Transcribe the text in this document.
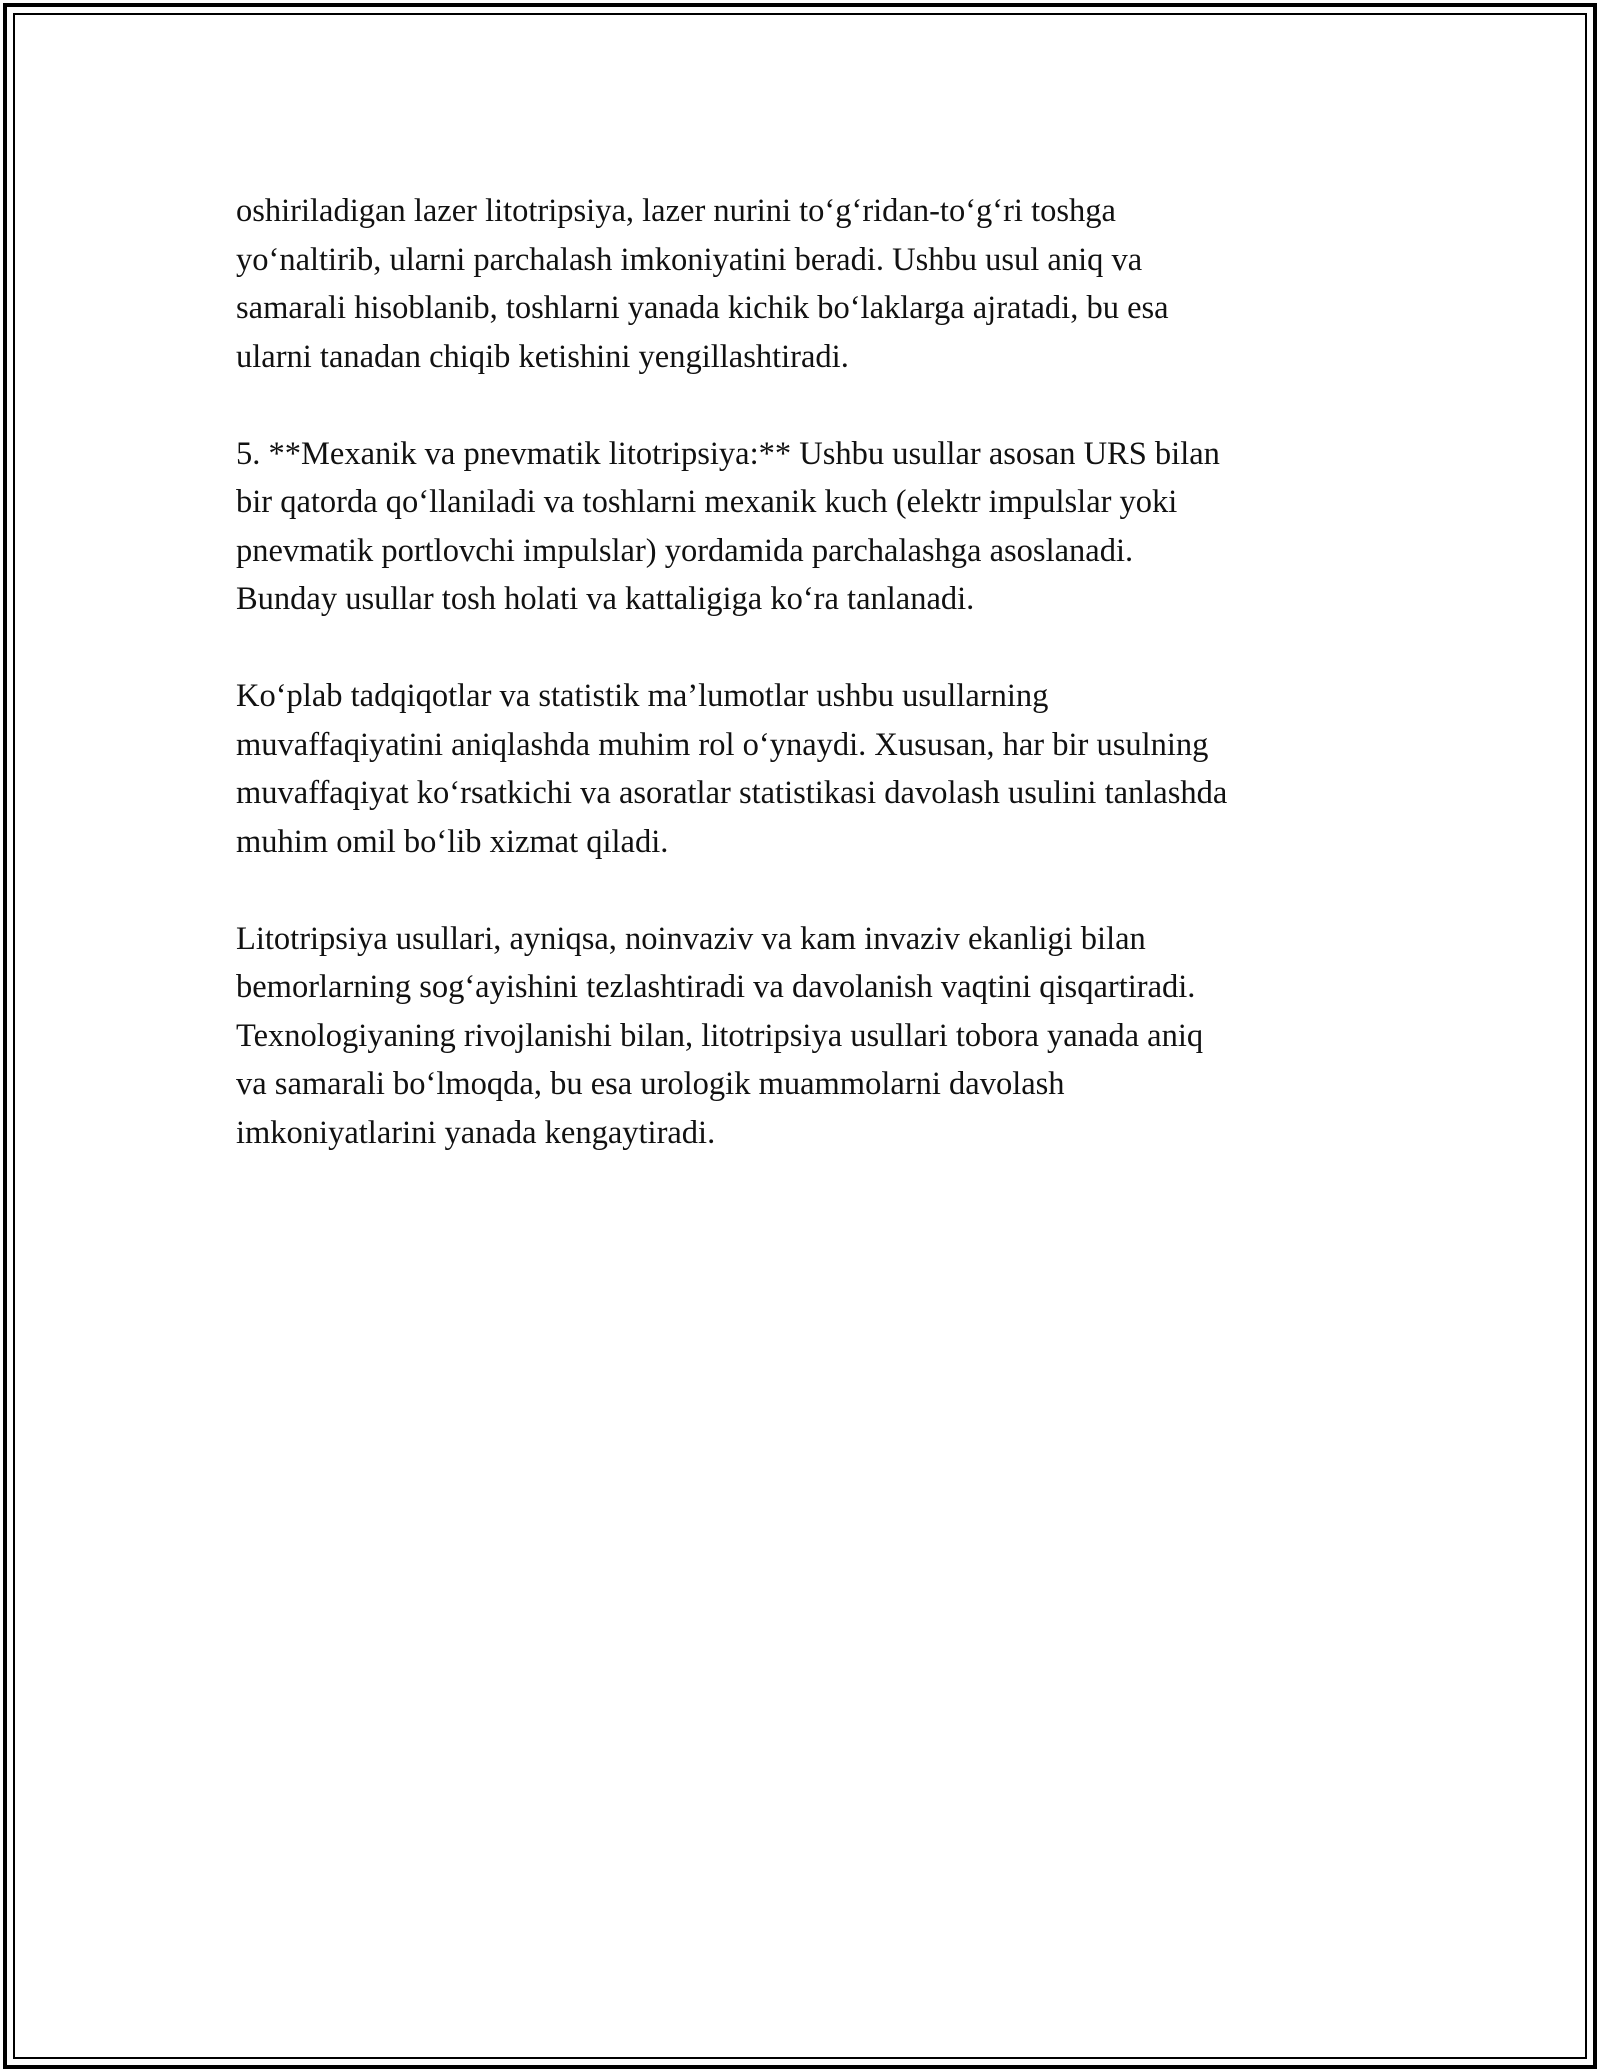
oshiriladigan lazer litotripsiya, lazer nurini to‘g‘ridan-to‘g‘ri toshga
yo‘naltirib, ularni parchalash imkoniyatini beradi. Ushbu usul aniq va
samarali hisoblanib, toshlarni yanada kichik bo‘laklarga ajratadi, bu esa
ularni tanadan chiqib ketishini yengillashtiradi.

5. **Mexanik va pnevmatik litotripsiya:** Ushbu usullar asosan URS bilan
bir qatorda qo‘llaniladi va toshlarni mexanik kuch (elektr impulslar yoki
pnevmatik portlovchi impulslar) yordamida parchalashga asoslanadi.
Bunday usullar tosh holati va kattaligiga ko‘ra tanlanadi.

Ko‘plab tadqiqotlar va statistik ma’lumotlar ushbu usullarning
muvaffaqiyatini aniqlashda muhim rol o‘ynaydi. Xususan, har bir usulning
muvaffaqiyat ko‘rsatkichi va asoratlar statistikasi davolash usulini tanlashda
muhim omil bo‘lib xizmat qiladi.

Litotripsiya usullari, ayniqsa, noinvaziv va kam invaziv ekanligi bilan
bemorlarning sog‘ayishini tezlashtiradi va davolanish vaqtini qisqartiradi.
Texnologiyaning rivojlanishi bilan, litotripsiya usullari tobora yanada aniq
va samarali bo‘lmoqda, bu esa urologik muammolarni davolash
imkoniyatlarini yanada kengaytiradi.
